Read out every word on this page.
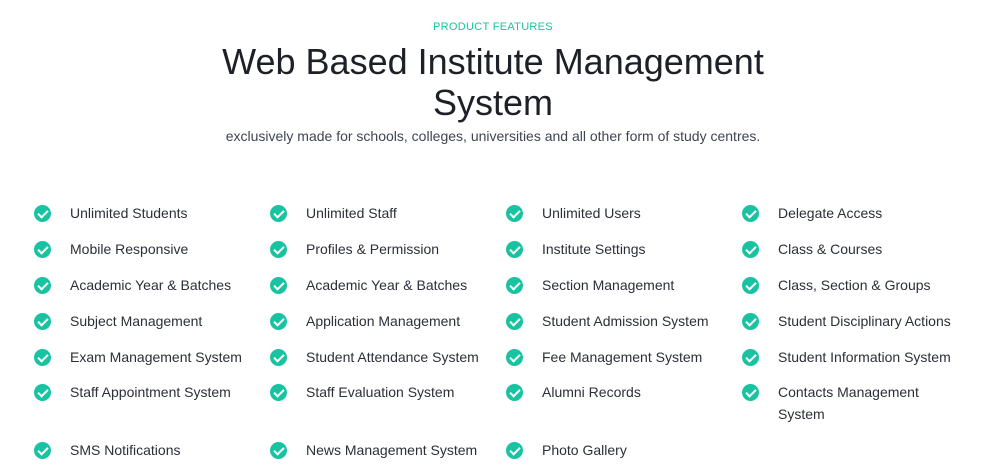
PRODUCT FEATURES
Web Based Institute Management System
exclusively made for schools, colleges, universities and all other form of study centres.
Unlimited Students	Unlimited Staff	Unlimited Users	Delegate Access
Mobile Responsive	Profiles & Permission	Institute Settings	Class & Courses
Academic Year & Batches	Academic Year & Batches	Section Management	Class, Section & Groups
Subject Management	Application Management	Student Admission System	Student Disciplinary Actions
Exam Management System	Student Attendance System	Fee Management System	Student Information System
Staff Appointment System	Staff Evaluation System	Alumni Records	Contacts Management System
SMS Notifications	News Management System	Photo Gallery
